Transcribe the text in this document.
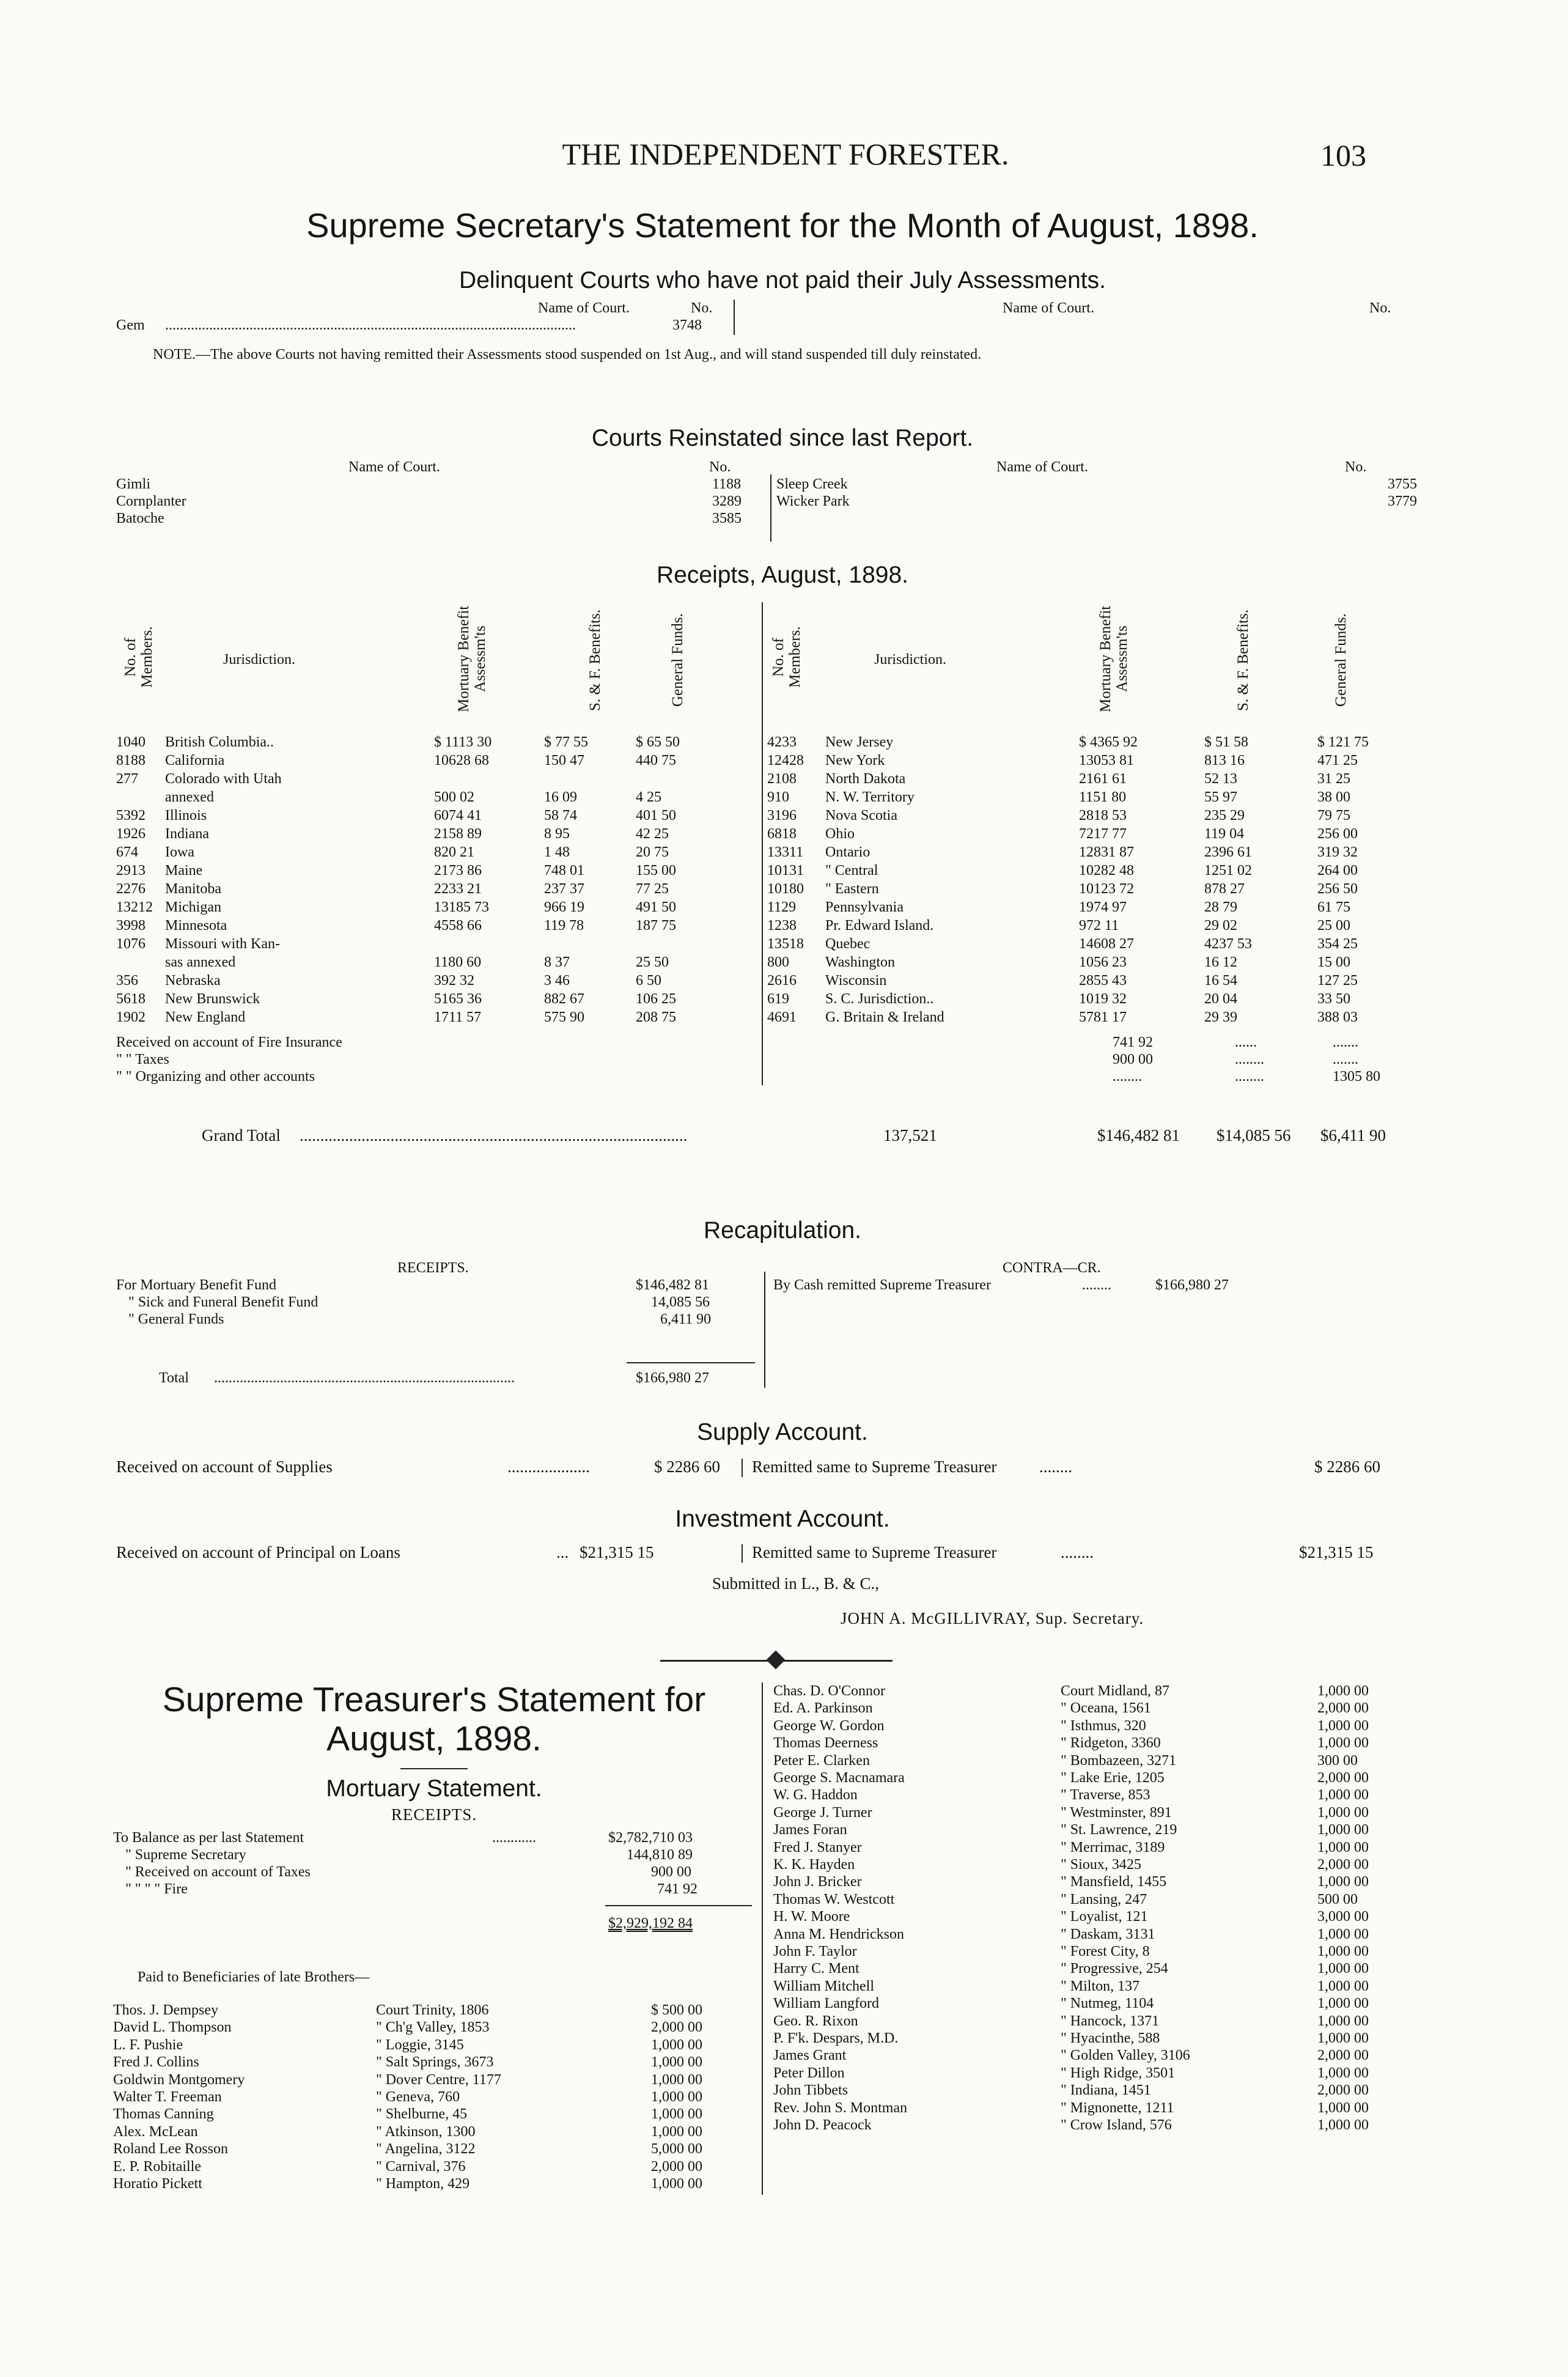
THE INDEPENDENT FORESTER.	103
Supreme Secretary's Statement for the Month of August, 1898.
Delinquent Courts who have not paid their July Assessments.
Name of Court.	No.	Name of Court.	No.
Gem ................................................................................................................	3748
NOTE.—The above Courts not having remitted their Assessments stood suspended on 1st Aug., and will stand suspended till duly reinstated.
Courts Reinstated since last Report.
Name of Court.	No.	Name of Court.	No.
Gimli	1188
Cornplanter	3289
Batoche	3585
Sleep Creek	3755
Wicker Park	3779
Receipts, August, 1898.
No. of Members.	Jurisdiction.	Mortuary Benefit Assessm'ts	S. & F. Benefits.	General Funds.	No. of Members.	Jurisdiction.	Mortuary Benefit Assessm'ts	S. & F. Benefits.	General Funds.
1040 British Columbia..	$ 1113 30	$ 77 55	$ 65 50
8188 California	10628 68	150 47	440 75
277 Colorado with Utah
annexed	500 02	16 09	4 25
5392 Illinois	6074 41	58 74	401 50
1926 Indiana	2158 89	8 95	42 25
674 Iowa	820 21	1 48	20 75
2913 Maine	2173 86	748 01	155 00
2276 Manitoba	2233 21	237 37	77 25
13212 Michigan	13185 73	966 19	491 50
3998 Minnesota	4558 66	119 78	187 75
1076 Missouri with Kan-
sas annexed	1180 60	8 37	25 50
356 Nebraska	392 32	3 46	6 50
5618 New Brunswick	5165 36	882 67	106 25
1902 New England	1711 57	575 90	208 75
4233 New Jersey	$ 4365 92	$ 51 58	$ 121 75
12428 New York	13053 81	813 16	471 25
2108 North Dakota	2161 61	52 13	31 25
910 N. W. Territory	1151 80	55 97	38 00
3196 Nova Scotia	2818 53	235 29	79 75
6818 Ohio	7217 77	119 04	256 00
13311 Ontario	12831 87	2396 61	319 32
10131 " Central	10282 48	1251 02	264 00
10180 " Eastern	10123 72	878 27	256 50
1129 Pennsylvania	1974 97	28 79	61 75
1238 Pr. Edward Island.	972 11	29 02	25 00
13518 Quebec	14608 27	4237 53	354 25
800 Washington	1056 23	16 12	15 00
2616 Wisconsin	2855 43	16 54	127 25
619 S. C. Jurisdiction..	1019 32	20 04	33 50
4691 G. Britain & Ireland	5781 17	29 39	388 03
Received on account of Fire Insurance	741 92	......	.......
" " Taxes	900 00	........	.......
" " Organizing and other accounts	........	........	1305 80
Grand Total ..............................................................................................	137,521	$146,482 81 $14,085 56 $6,411 90
Recapitulation.
RECEIPTS.	CONTRA—CR.
For Mortuary Benefit Fund	$146,482 81
" Sick and Funeral Benefit Fund	14,085 56
" General Funds	6,411 90
By Cash remitted Supreme Treasurer	........	$166,980 27
Total ..................................................................................	$166,980 27
Supply Account.
Received on account of Supplies	....................	$ 2286 60 Remitted same to Supreme Treasurer	........	$ 2286 60
Investment Account.
Received on account of Principal on Loans	... $21,315 15	Remitted same to Supreme Treasurer	........	$21,315 15
Submitted in L., B. & C.,
JOHN A. McGILLIVRAY, Sup. Secretary.
Supreme Treasurer's Statement for
August, 1898.
Mortuary Statement.
RECEIPTS.
To Balance as per last Statement	............	$2,782,710 03
" Supreme Secretary	144,810 89
" Received on account of Taxes	900 00
" " " " Fire	741 92
$2,929,192 84
Paid to Beneficiaries of late Brothers—
Thos. J. Dempsey	Court Trinity, 1806	$ 500 00
David L. Thompson	" Ch'g Valley, 1853	2,000 00
L. F. Pushie	" Loggie, 3145	1,000 00
Fred J. Collins	" Salt Springs, 3673	1,000 00
Goldwin Montgomery	" Dover Centre, 1177	1,000 00
Walter T. Freeman	" Geneva, 760	1,000 00
Thomas Canning	" Shelburne, 45	1,000 00
Alex. McLean	" Atkinson, 1300	1,000 00
Roland Lee Rosson	" Angelina, 3122	5,000 00
E. P. Robitaille	" Carnival, 376	2,000 00
Horatio Pickett	" Hampton, 429	1,000 00
Chas. D. O'Connor	Court Midland, 87	1,000 00
Ed. A. Parkinson	" Oceana, 1561	2,000 00
George W. Gordon	" Isthmus, 320	1,000 00
Thomas Deerness	" Ridgeton, 3360	1,000 00
Peter E. Clarken	" Bombazeen, 3271	300 00
George S. Macnamara	" Lake Erie, 1205	2,000 00
W. G. Haddon	" Traverse, 853	1,000 00
George J. Turner	" Westminster, 891	1,000 00
James Foran	" St. Lawrence, 219	1,000 00
Fred J. Stanyer	" Merrimac, 3189	1,000 00
K. K. Hayden	" Sioux, 3425	2,000 00
John J. Bricker	" Mansfield, 1455	1,000 00
Thomas W. Westcott	" Lansing, 247	500 00
H. W. Moore	" Loyalist, 121	3,000 00
Anna M. Hendrickson	" Daskam, 3131	1,000 00
John F. Taylor	" Forest City, 8	1,000 00
Harry C. Ment	" Progressive, 254	1,000 00
William Mitchell	" Milton, 137	1,000 00
William Langford	" Nutmeg, 1104	1,000 00
Geo. R. Rixon	" Hancock, 1371	1,000 00
P. F'k. Despars, M.D.	" Hyacinthe, 588	1,000 00
James Grant	" Golden Valley, 3106	2,000 00
Peter Dillon	" High Ridge, 3501	1,000 00
John Tibbets	" Indiana, 1451	2,000 00
Rev. John S. Montman	" Mignonette, 1211	1,000 00
John D. Peacock	" Crow Island, 576	1,000 00
